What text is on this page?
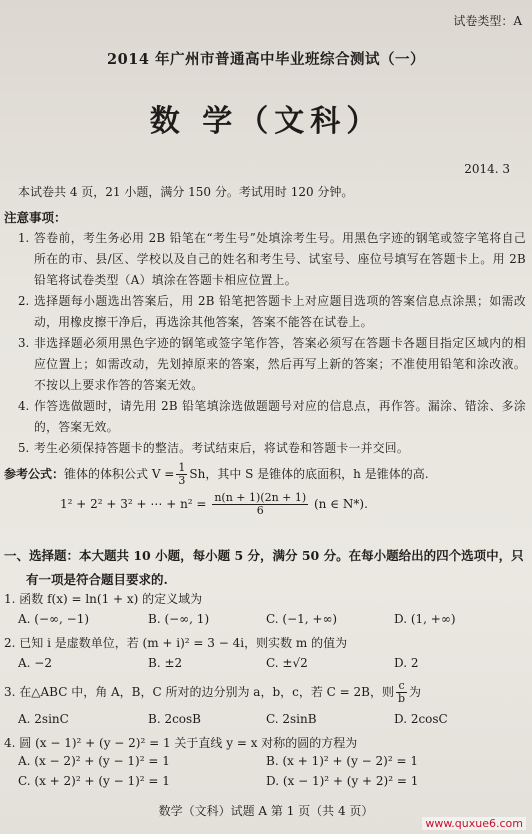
试卷类型：A
2014 年广州市普通高中毕业班综合测试（一）
数 学（文科）
2014. 3
本试卷共 4 页，21 小题，满分 150 分。考试用时 120 分钟。
注意事项：
1. 答卷前，考生务必用 2B 铅笔在“考生号”处填涂考生号。用黑色字迹的钢笔或签字笔将自己所在的市、县/区、学校以及自己的姓名和考生号、试室号、座位号填写在答题卡上。用 2B 铅笔将试卷类型（A）填涂在答题卡相应位置上。
2. 选择题每小题选出答案后，用 2B 铅笔把答题卡上对应题目选项的答案信息点涂黑；如需改动，用橡皮擦干净后，再选涂其他答案，答案不能答在试卷上。
3. 非选择题必须用黑色字迹的钢笔或签字笔作答，答案必须写在答题卡各题目指定区域内的相应位置上；如需改动，先划掉原来的答案，然后再写上新的答案；不准使用铅笔和涂改液。不按以上要求作答的答案无效。
4. 作答选做题时，请先用 2B 铅笔填涂选做题题号对应的信息点，再作答。漏涂、错涂、多涂的，答案无效。
5. 考生必须保持答题卡的整洁。考试结束后，将试卷和答题卡一并交回。
参考公式：锥体的体积公式 $V = \frac{1}{3}$ Sh，其中 S 是锥体的底面积，h 是锥体的高.
1² + 2² + 3² + ⋯ + $n^2 = \frac{n(n + 1)(2n + 1)}{6} (n$ ∈ N*).
一、选择题：本大题共 10 小题，每小题 5 分，满分 50 分。在每小题给出的四个选项中，只
有一项是符合题目要求的.
1. 函数 f(x) = ln(1 + x) 的定义域为
A. (−∞, −1)	B. (−∞, 1)	C. (−1, +∞)	D. (1, +∞)
2. 已知 i 是虚数单位，若 (m + i)² = 3 − 4i，则实数 m 的值为
A. −2	B. ±2	C. ±√2	D. 2
3. 在△ABC 中，角 A，B，C 所对的边分别为 a，b，c，若 C = 2B，则 $\frac{c}{b}$ 为
A. 2sinC	B. 2cosB	C. 2sinB	D. 2cosC
4. 圆 (x − 1)² + (y − 2)² = 1 关于直线 y = x 对称的圆的方程为
A. (x − 2)² + (y − 1)² = 1	B. (x + 1)² + (y − 2)² = 1
C. (x + 2)² + (y − 1)² = 1	D. (x − 1)² + (y + 2)² = 1
数学（文科）试题 A 第 1 页（共 4 页）
www.quxue6.com
